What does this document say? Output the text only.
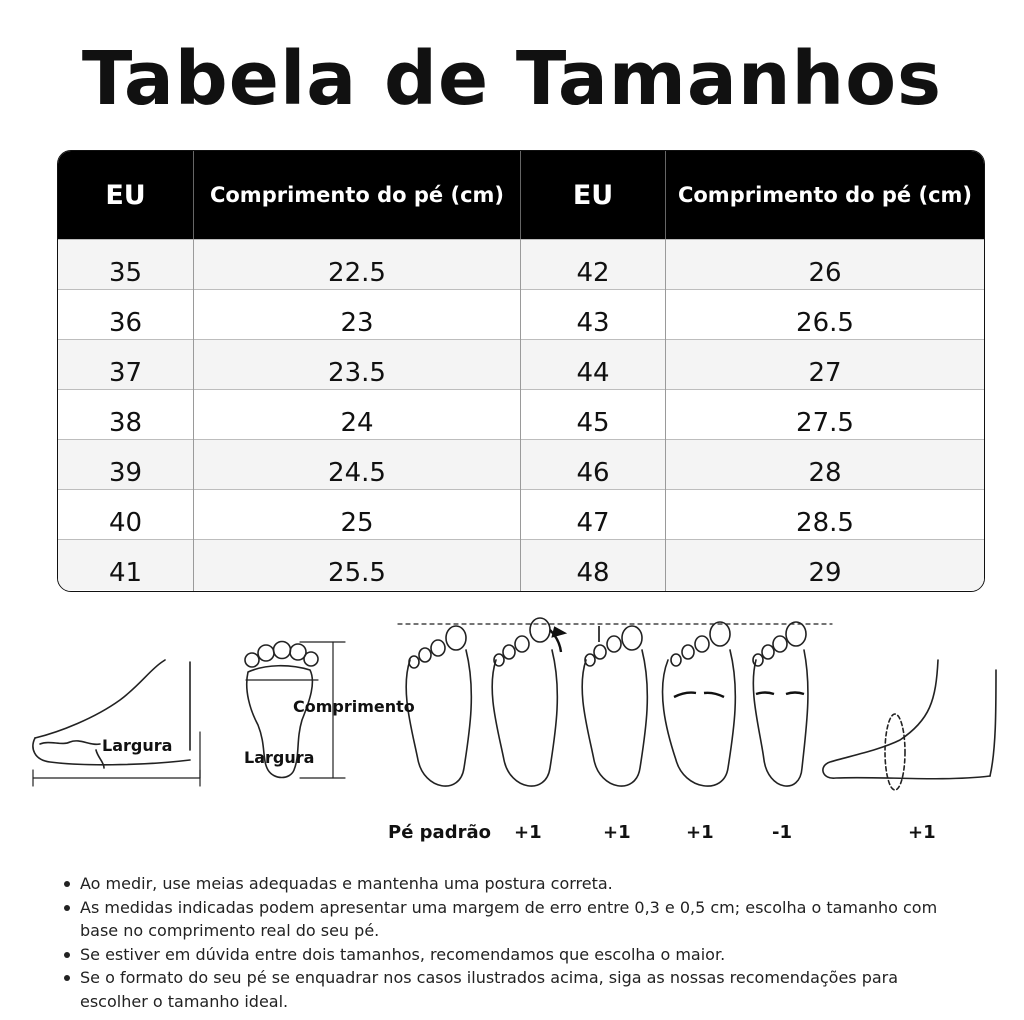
Tabela de Tamanhos
EU	Comprimento do pé (cm)	EU	Comprimento do pé (cm)
35	22.5	42	26
36	23	43	26.5
37	23.5	44	27
38	24	45	27.5
39	24.5	46	28
40	25	47	28.5
41	25.5	48	29
Largura
Comprimento
Largura
Pé padrão +1	+1	+1	-1	+1
Ao medir, use meias adequadas e mantenha uma postura correta.
As medidas indicadas podem apresentar uma margem de erro entre 0,3 e 0,5 cm; escolha o tamanho com base no comprimento real do seu pé.
Se estiver em dúvida entre dois tamanhos, recomendamos que escolha o maior.
Se o formato do seu pé se enquadrar nos casos ilustrados acima, siga as nossas recomendações para escolher o tamanho ideal.
